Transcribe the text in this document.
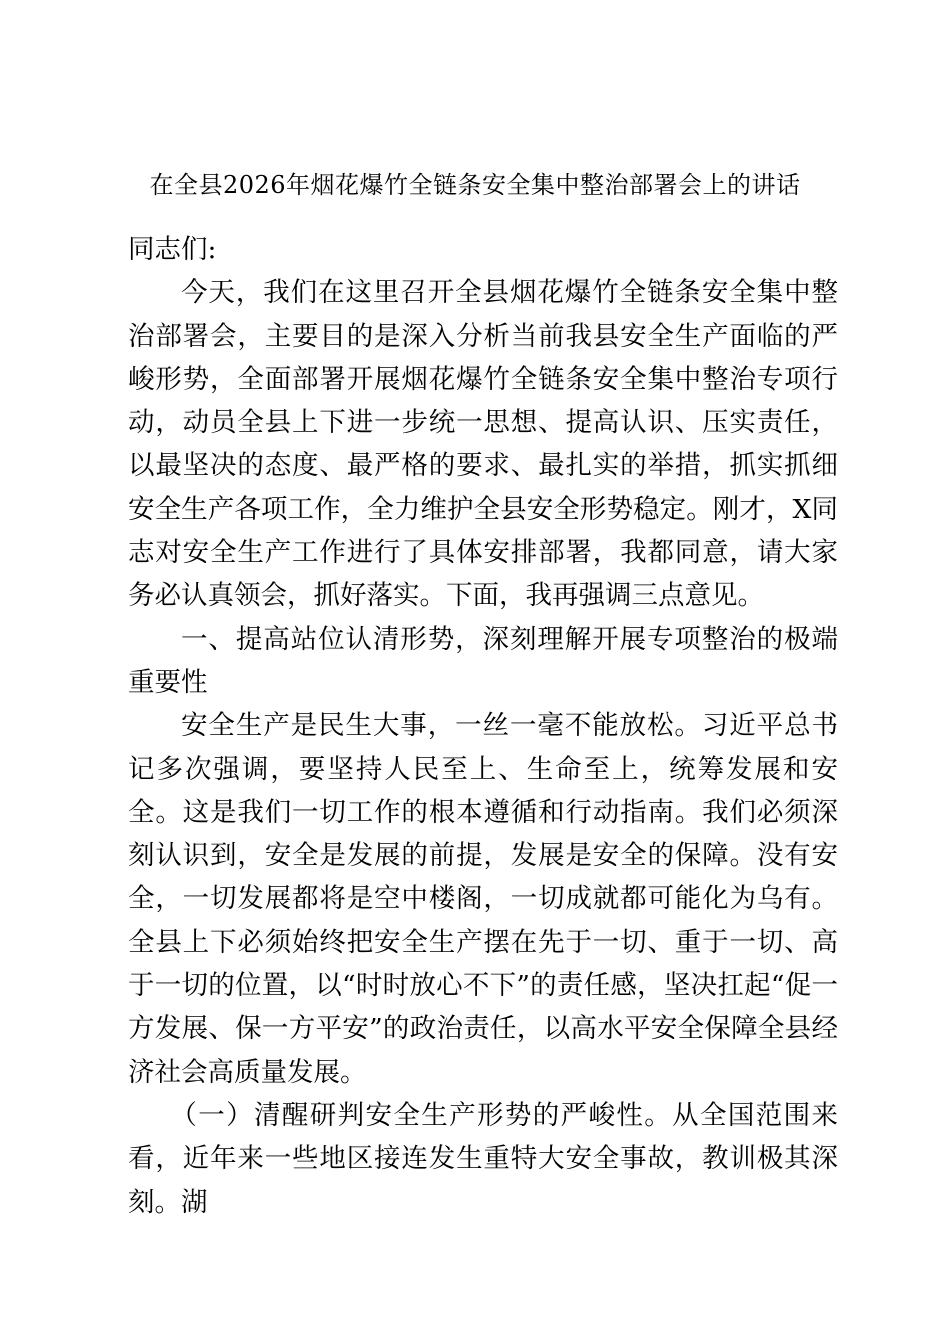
在全县2026年烟花爆竹全链条安全集中整治部署会上的讲话

同志们:

今天，我们在这里召开全县烟花爆竹全链条安全集中整治部署会，主要目的是深入分析当前我县安全生产面临的严峻形势，全面部署开展烟花爆竹全链条安全集中整治专项行动，动员全县上下进一步统一思想、提高认识、压实责任，以最坚决的态度、最严格的要求、最扎实的举措，抓实抓细安全生产各项工作，全力维护全县安全形势稳定。刚才，X同志对安全生产工作进行了具体安排部署，我都同意，请大家务必认真领会，抓好落实。下面，我再强调三点意见。

一、提高站位认清形势，深刻理解开展专项整治的极端重要性

安全生产是民生大事，一丝一毫不能放松。习近平总书记多次强调，要坚持人民至上、生命至上，统筹发展和安全。这是我们一切工作的根本遵循和行动指南。我们必须深刻认识到，安全是发展的前提，发展是安全的保障。没有安全，一切发展都将是空中楼阁，一切成就都可能化为乌有。全县上下必须始终把安全生产摆在先于一切、重于一切、高于一切的位置，以“时时放心不下”的责任感，坚决扛起“促一方发展、保一方平安”的政治责任，以高水平安全保障全县经济社会高质量发展。

（一）清醒研判安全生产形势的严峻性。从全国范围来看，近年来一些地区接连发生重特大安全事故，教训极其深刻。湖
